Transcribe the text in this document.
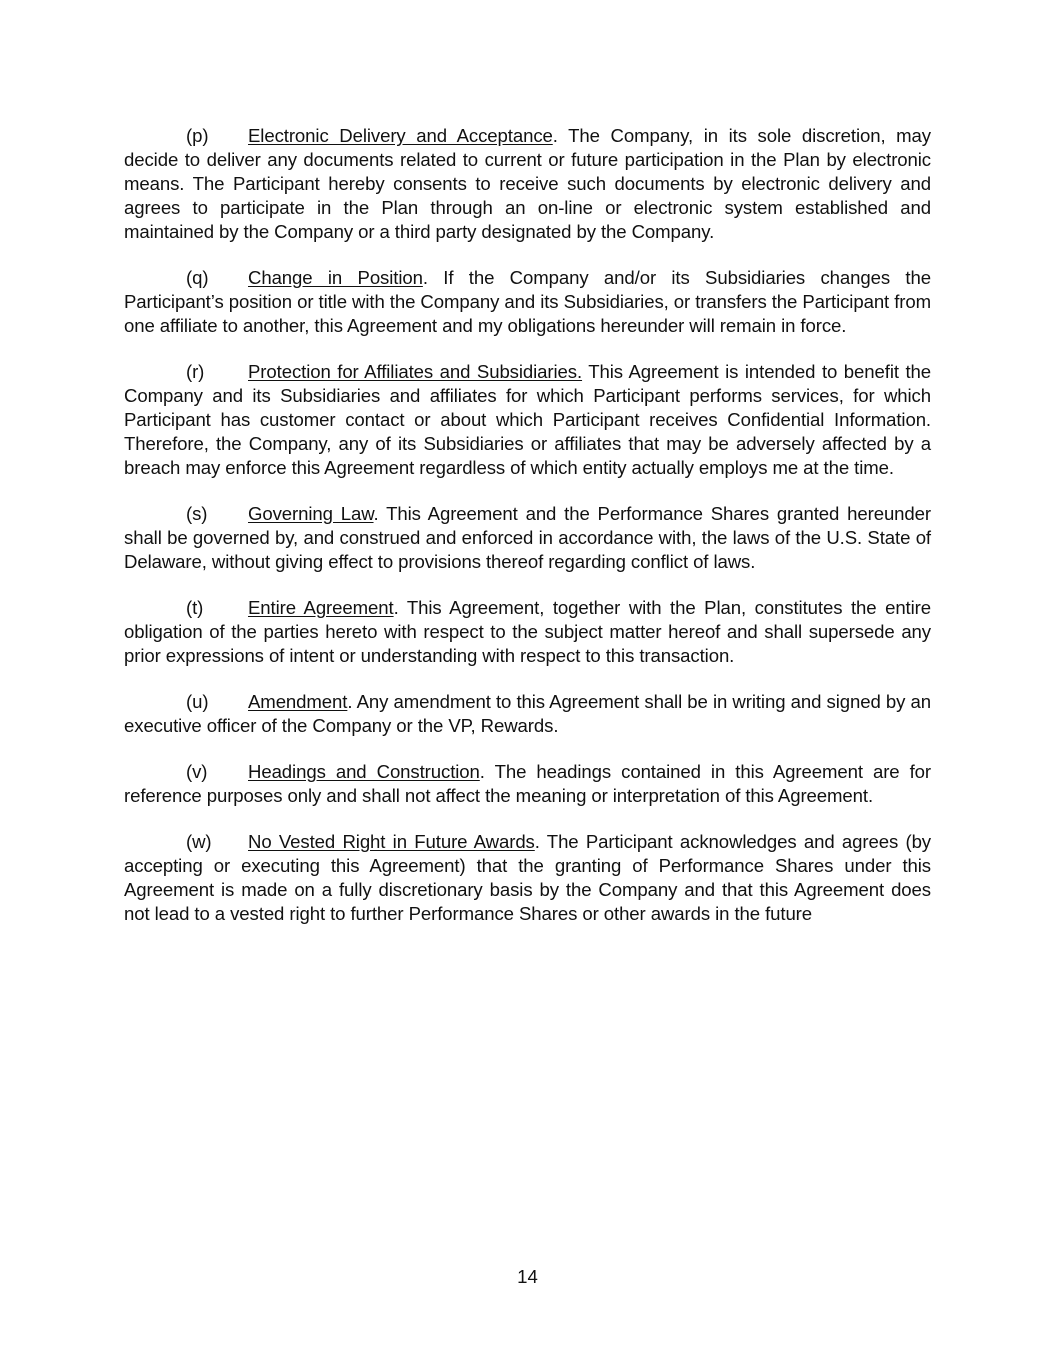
(p) Electronic Delivery and Acceptance. The Company, in its sole discretion, may decide to deliver any documents related to current or future participation in the Plan by electronic means. The Participant hereby consents to receive such documents by electronic delivery and agrees to participate in the Plan through an on-line or electronic system established and maintained by the Company or a third party designated by the Company.

(q) Change in Position. If the Company and/or its Subsidiaries changes the Participant’s position or title with the Company and its Subsidiaries, or transfers the Participant from one affiliate to another, this Agreement and my obligations hereunder will remain in force.

(r) Protection for Affiliates and Subsidiaries. This Agreement is intended to benefit the Company and its Subsidiaries and affiliates for which Participant performs services, for which Participant has customer contact or about which Participant receives Confidential Information. Therefore, the Company, any of its Subsidiaries or affiliates that may be adversely affected by a breach may enforce this Agreement regardless of which entity actually employs me at the time.

(s) Governing Law. This Agreement and the Performance Shares granted hereunder shall be governed by, and construed and enforced in accordance with, the laws of the U.S. State of Delaware, without giving effect to provisions thereof regarding conflict of laws.

(t) Entire Agreement. This Agreement, together with the Plan, constitutes the entire obligation of the parties hereto with respect to the subject matter hereof and shall supersede any prior expressions of intent or understanding with respect to this transaction.

(u) Amendment. Any amendment to this Agreement shall be in writing and signed by an executive officer of the Company or the VP, Rewards.

(v) Headings and Construction. The headings contained in this Agreement are for reference purposes only and shall not affect the meaning or interpretation of this Agreement.

(w) No Vested Right in Future Awards. The Participant acknowledges and agrees (by accepting or executing this Agreement) that the granting of Performance Shares under this Agreement is made on a fully discretionary basis by the Company and that this Agreement does not lead to a vested right to further Performance Shares or other awards in the future

14
